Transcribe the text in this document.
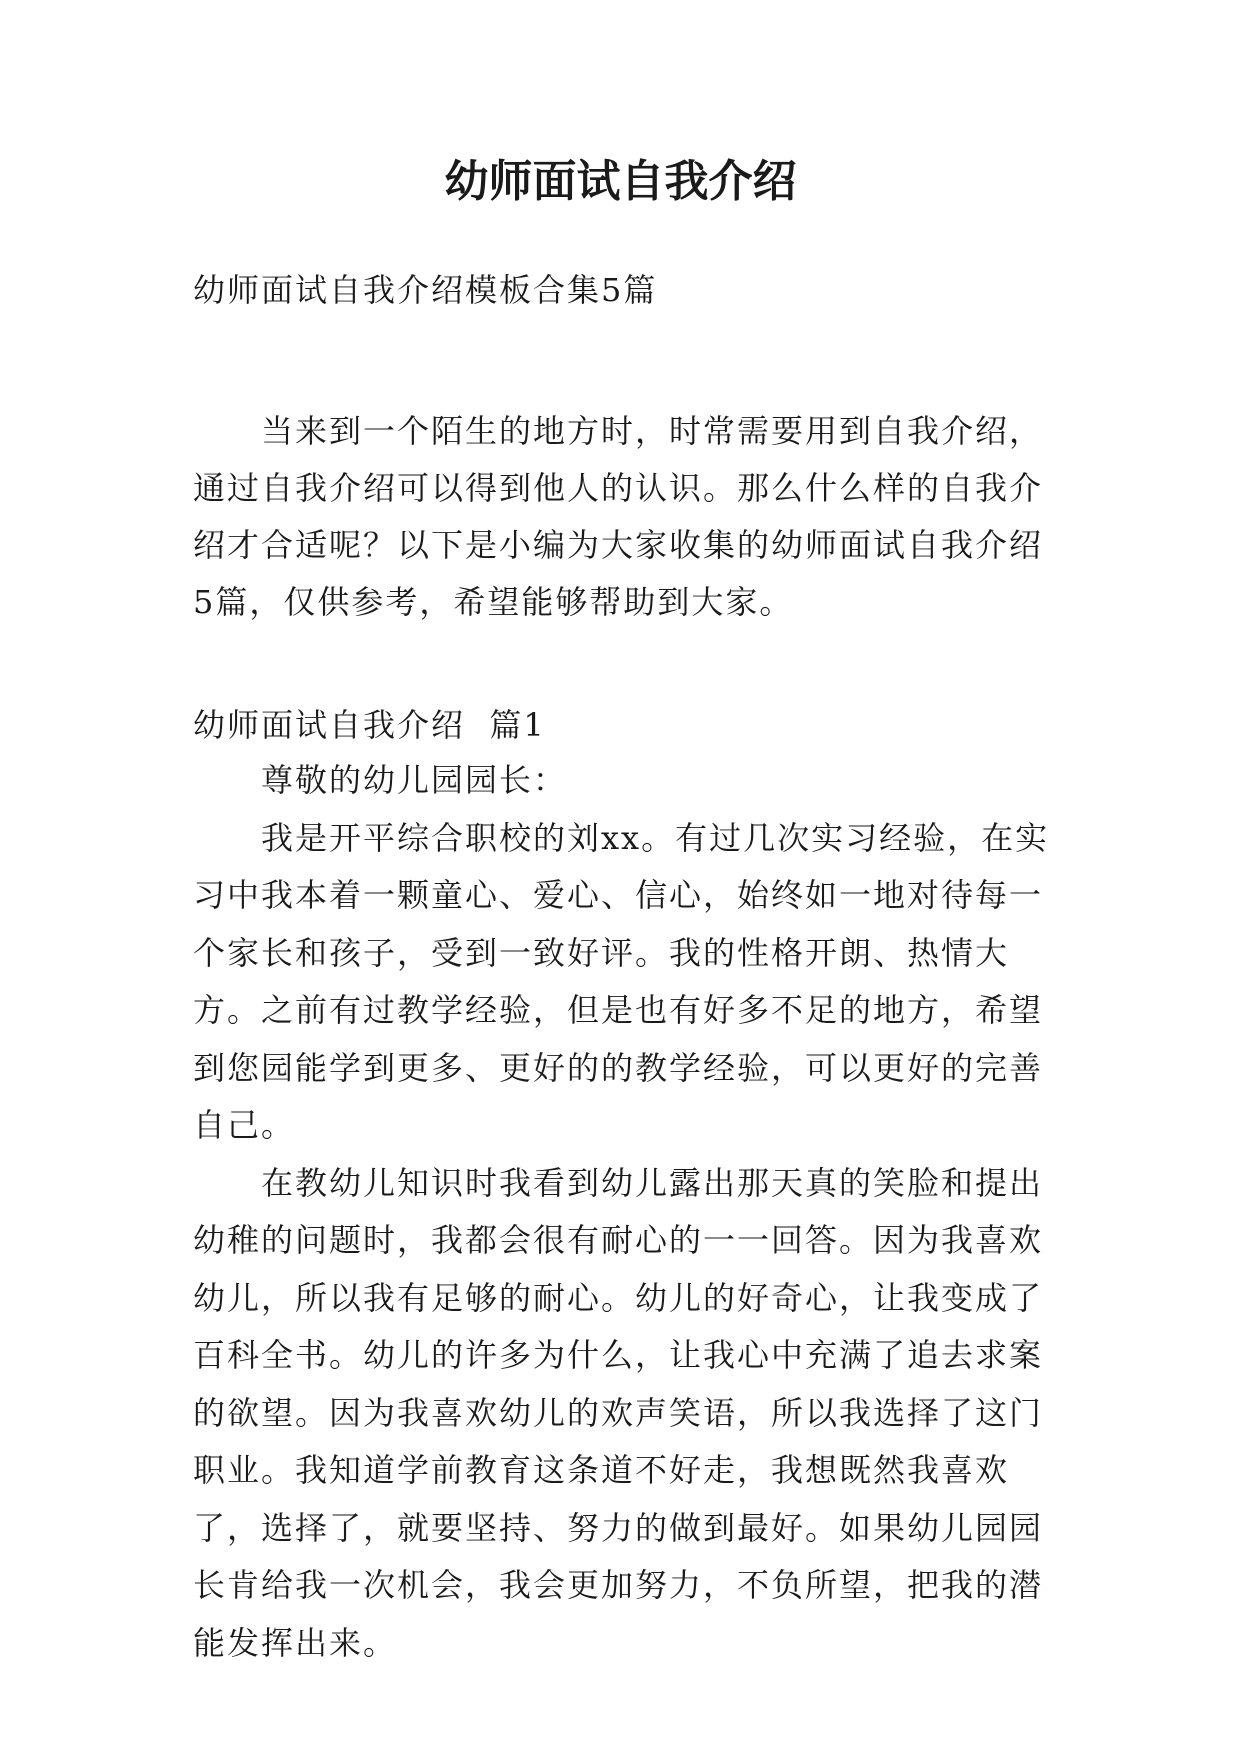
幼师面试自我介绍
幼师面试自我介绍模板合集5篇
当来到一个陌生的地方时，时常需要用到自我介绍，通过自我介绍可以得到他人的认识。那么什么样的自我介绍才合适呢？以下是小编为大家收集的幼师面试自我介绍5篇，仅供参考，希望能够帮助到大家。
幼师面试自我介绍  篇1

尊敬的幼儿园园长：

我是开平综合职校的刘xx。有过几次实习经验，在实习中我本着一颗童心、爱心、信心，始终如一地对待每一个家长和孩子，受到一致好评。我的性格开朗、热情大方。之前有过教学经验，但是也有好多不足的地方，希望到您园能学到更多、更好的的教学经验，可以更好的完善自己。

在教幼儿知识时我看到幼儿露出那天真的笑脸和提出幼稚的问题时，我都会很有耐心的一一回答。因为我喜欢幼儿，所以我有足够的耐心。幼儿的好奇心，让我变成了百科全书。幼儿的许多为什么，让我心中充满了追去求案的欲望。因为我喜欢幼儿的欢声笑语，所以我选择了这门职业。我知道学前教育这条道不好走，我想既然我喜欢了，选择了，就要坚持、努力的做到最好。如果幼儿园园长肯给我一次机会，我会更加努力，不负所望，把我的潜能发挥出来。
